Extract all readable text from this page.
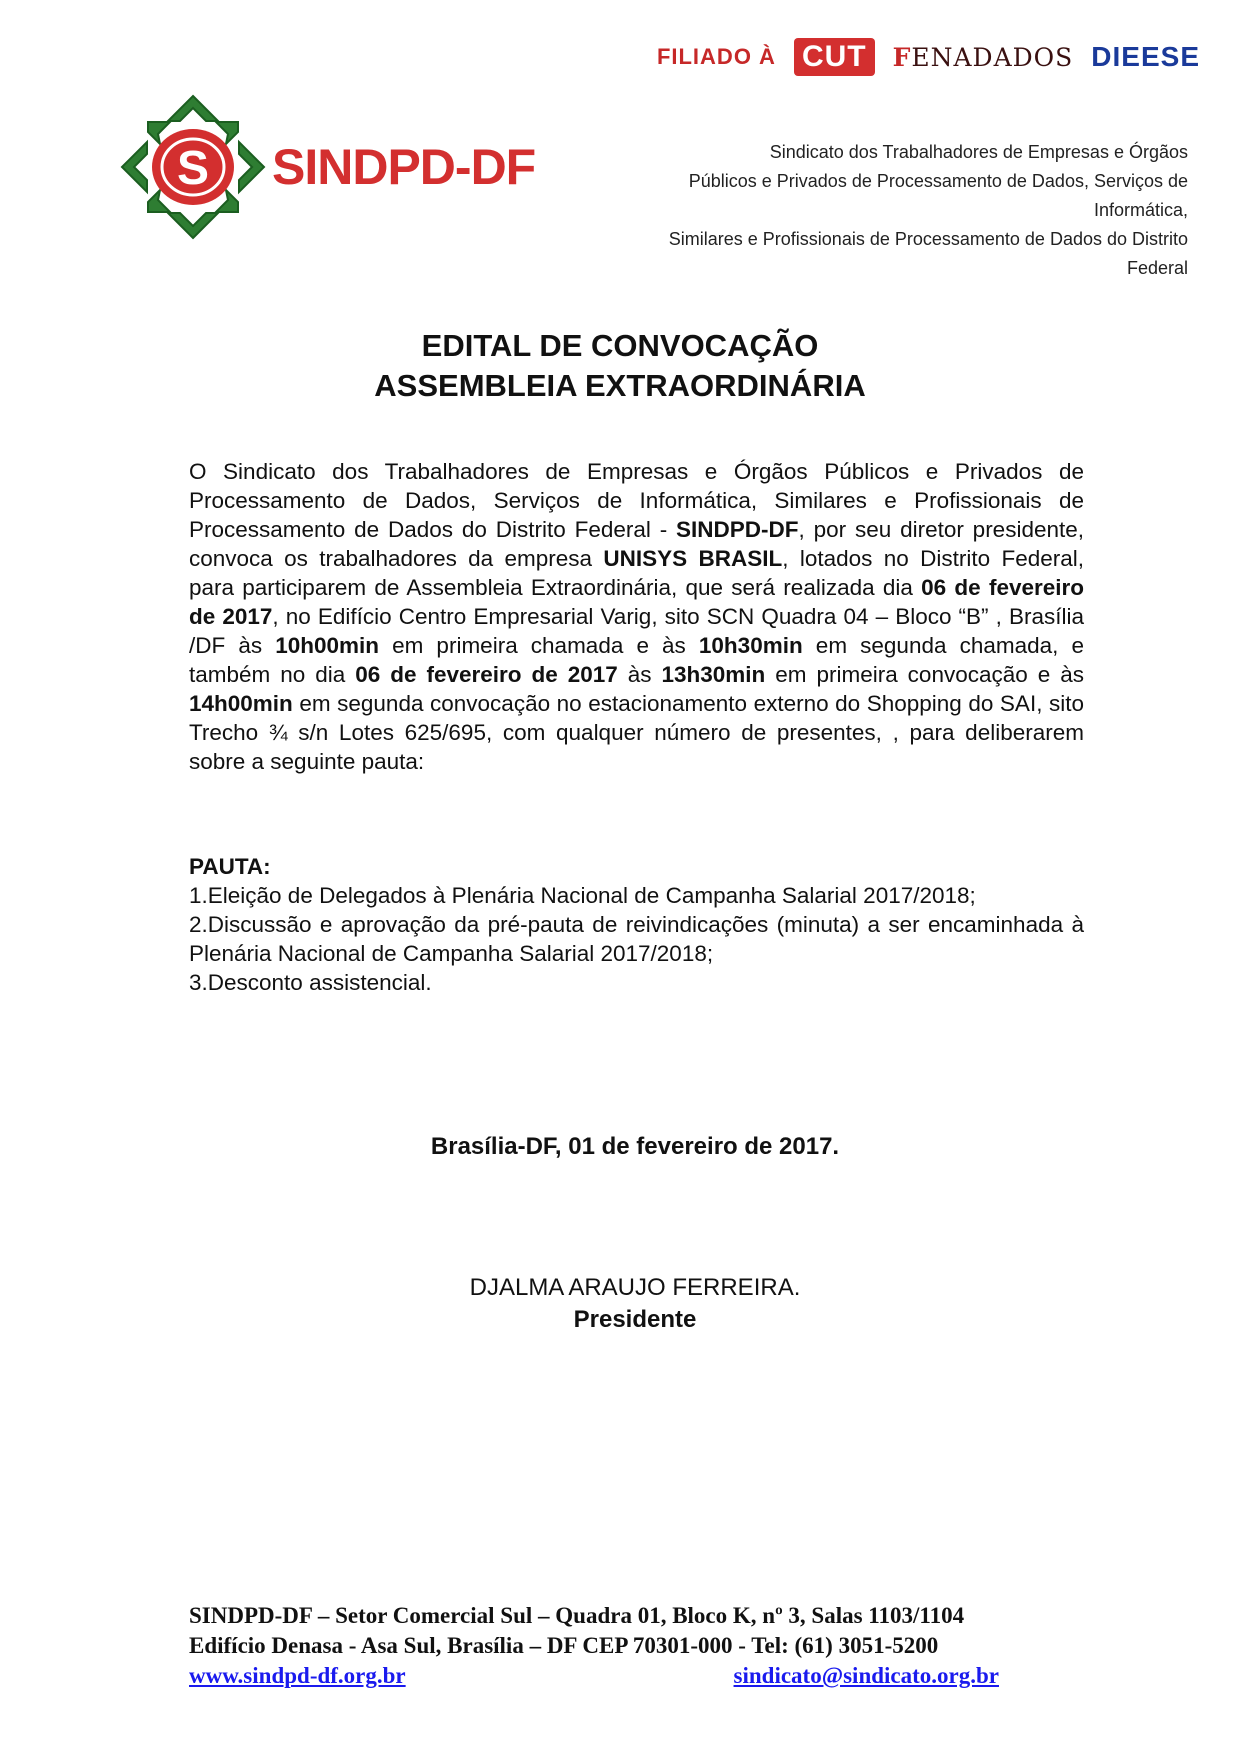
FILIADO À CUT	FENADADOS DIEESE
S SINDPD-DF	Sindicato dos Trabalhadores de Empresas e Órgãos
Públicos e Privados de Processamento de Dados, Serviços de Informática,
Similares e Profissionais de Processamento de Dados do Distrito Federal
EDITAL DE CONVOCAÇÃO
ASSEMBLEIA EXTRAORDINÁRIA
O Sindicato dos Trabalhadores de Empresas e Órgãos Públicos e Privados de Processamento de Dados, Serviços de Informática, Similares e Profissionais de Processamento de Dados do Distrito Federal - SINDPD-DF, por seu diretor presidente, convoca os trabalhadores da empresa UNISYS BRASIL, lotados no Distrito Federal, para participarem de Assembleia Extraordinária, que será realizada dia 06 de fevereiro de 2017, no Edifício Centro Empresarial Varig, sito SCN Quadra 04 – Bloco “B” , Brasília /DF às 10h00min em primeira chamada e às 10h30min em segunda chamada, e também no dia 06 de fevereiro de 2017 às 13h30min em primeira convocação e às 14h00min em segunda convocação no estacionamento externo do Shopping do SAI, sito Trecho ¾ s/n Lotes 625/695, com qualquer número de presentes, , para deliberarem sobre a seguinte pauta:
PAUTA:
1.Eleição de Delegados à Plenária Nacional de Campanha Salarial 2017/2018;
2.Discussão e aprovação da pré-pauta de reivindicações (minuta) a ser encaminhada à Plenária Nacional de Campanha Salarial 2017/2018;
3.Desconto assistencial.
Brasília-DF, 01 de fevereiro de 2017.
DJALMA ARAUJO FERREIRA.
Presidente
SINDPD-DF – Setor Comercial Sul – Quadra 01, Bloco K, nº 3, Salas 1103/1104
Edifício Denasa - Asa Sul, Brasília – DF CEP 70301-000 - Tel: (61) 3051-5200
www.sindpd-df.org.br	sindicato@sindicato.org.br
